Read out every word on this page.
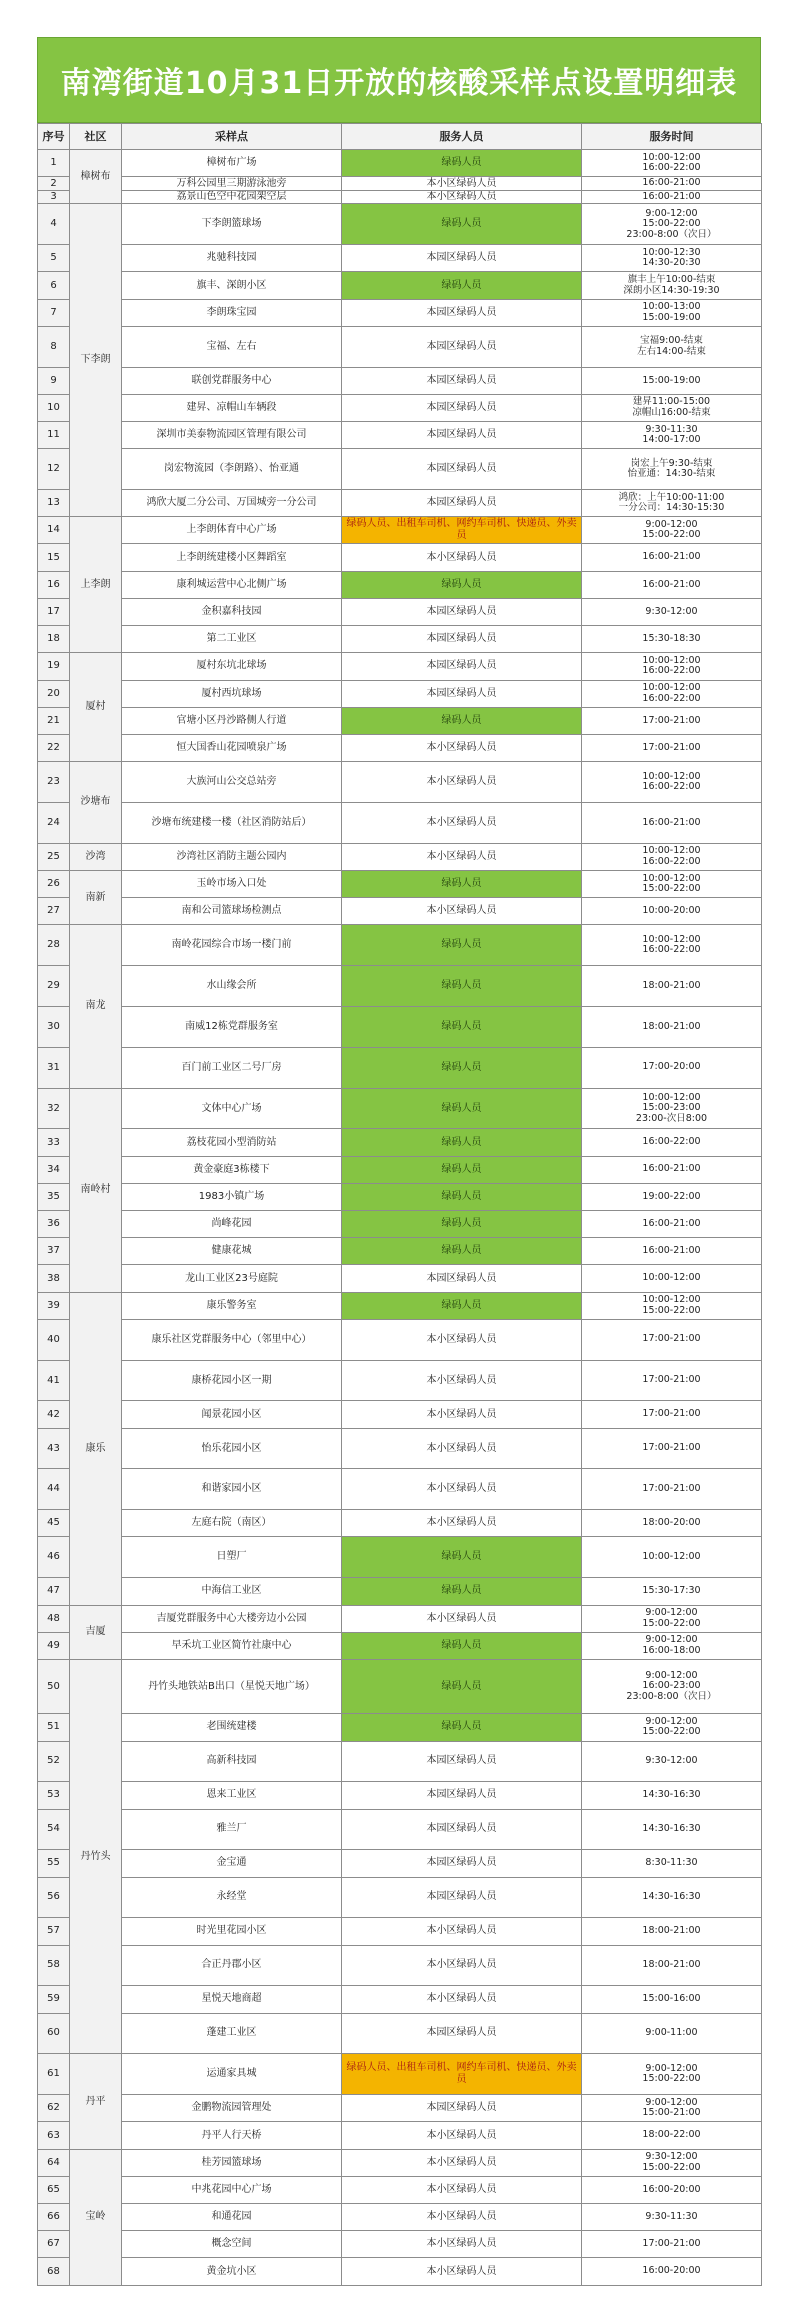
南湾街道10月31日开放的核酸采样点设置明细表
序号	社区	采样点	服务人员	服务时间
1	樟树布	樟树布广场	绿码人员	10:00-12:00
16:00-22:00
2		万科公园里三期游泳池旁	本小区绿码人员	16:00-21:00
3		荔景山色空中花园架空层	本小区绿码人员	16:00-21:00
4	下李朗	下李朗篮球场	绿码人员	9:00-12:00
15:00-22:00
23:00-8:00（次日）
5		兆驰科技园	本园区绿码人员	10:00-12:30
14:30-20:30
6		旗丰、深朗小区	绿码人员	旗丰上午10:00-结束
深朗小区14:30-19:30
7		李朗珠宝园	本园区绿码人员	10:00-13:00
15:00-19:00
8		宝福、左右	本园区绿码人员	宝福9:00-结束
左右14:00-结束
9		联创党群服务中心	本园区绿码人员	15:00-19:00
10		建昇、凉帽山车辆段	本园区绿码人员	建昇11:00-15:00
凉帽山16:00-结束
11		深圳市美泰物流园区管理有限公司	本园区绿码人员	9:30-11:30
14:00-17:00
12		岗宏物流园（李朗路）、怡亚通	本园区绿码人员	岗宏上午9:30-结束
怡亚通：14:30-结束
13		鸿欣大厦二分公司、万国城旁一分公司	本园区绿码人员	鸿欣：上午10:00-11:00
一分公司：14:30-15:30
14	上李朗	上李朗体育中心广场	绿码人员、出租车司机、网约车司机、快递员、外卖员	9:00-12:00
15:00-22:00
15		上李朗统建楼小区舞蹈室	本小区绿码人员	16:00-21:00
16		康利城运营中心北侧广场	绿码人员	16:00-21:00
17		金积嘉科技园	本园区绿码人员	9:30-12:00
18		第二工业区	本园区绿码人员	15:30-18:30
19	厦村	厦村东坑北球场	本园区绿码人员	10:00-12:00
16:00-22:00
20		厦村西坑球场	本园区绿码人员	10:00-12:00
16:00-22:00
21		官塘小区丹沙路侧人行道	绿码人员	17:00-21:00
22		恒大国香山花园喷泉广场	本小区绿码人员	17:00-21:00
23	沙塘布	大族河山公交总站旁	本小区绿码人员	10:00-12:00
16:00-22:00
24		沙塘布统建楼一楼（社区消防站后）	本小区绿码人员	16:00-21:00
25	沙湾	沙湾社区消防主题公园内	本小区绿码人员	10:00-12:00
16:00-22:00
26	南新	玉岭市场入口处	绿码人员	10:00-12:00
15:00-22:00
27		南和公司篮球场检测点	本小区绿码人员	10:00-20:00
28	南龙	南岭花园综合市场一楼门前	绿码人员	10:00-12:00
16:00-22:00
29		水山缘会所	绿码人员	18:00-21:00
30		南威12栋党群服务室	绿码人员	18:00-21:00
31		百门前工业区二号厂房	绿码人员	17:00-20:00
32	南岭村	文体中心广场	绿码人员	10:00-12:00
15:00-23:00
23:00-次日8:00
33		荔枝花园小型消防站	绿码人员	16:00-22:00
34		黄金豪庭3栋楼下	绿码人员	16:00-21:00
35		1983小镇广场	绿码人员	19:00-22:00
36		尚峰花园	绿码人员	16:00-21:00
37		健康花城	绿码人员	16:00-21:00
38		龙山工业区23号庭院	本园区绿码人员	10:00-12:00
39	康乐	康乐警务室	绿码人员	10:00-12:00
15:00-22:00
40		康乐社区党群服务中心（邻里中心）	本小区绿码人员	17:00-21:00
41		康桥花园小区一期	本小区绿码人员	17:00-21:00
42		闻景花园小区	本小区绿码人员	17:00-21:00
43		怡乐花园小区	本小区绿码人员	17:00-21:00
44		和谐家园小区	本小区绿码人员	17:00-21:00
45		左庭右院（南区）	本小区绿码人员	18:00-20:00
46		日塑厂	绿码人员	10:00-12:00
47		中海信工业区	绿码人员	15:30-17:30
48	吉厦	吉厦党群服务中心大楼旁边小公园	本小区绿码人员	9:00-12:00
15:00-22:00
49		早禾坑工业区简竹社康中心	绿码人员	9:00-12:00
16:00-18:00
50	丹竹头	丹竹头地铁站B出口（星悦天地广场）	绿码人员	9:00-12:00
16:00-23:00
23:00-8:00（次日）
51		老围统建楼	绿码人员	9:00-12:00
15:00-22:00
52		高新科技园	本园区绿码人员	9:30-12:00
53		恩来工业区	本园区绿码人员	14:30-16:30
54		雅兰厂	本园区绿码人员	14:30-16:30
55		金宝通	本园区绿码人员	8:30-11:30
56		永经堂	本园区绿码人员	14:30-16:30
57		时光里花园小区	本小区绿码人员	18:00-21:00
58		合正丹郡小区	本小区绿码人员	18:00-21:00
59		星悦天地商超	本小区绿码人员	15:00-16:00
60		蓬建工业区	本园区绿码人员	9:00-11:00
61	丹平	运通家具城	绿码人员、出租车司机、网约车司机、快递员、外卖员	9:00-12:00
15:00-22:00
62		金鹏物流园管理处	本园区绿码人员	9:00-12:00
15:00-21:00
63		丹平人行天桥	本小区绿码人员	18:00-22:00
64	宝岭	桂芳园篮球场	本小区绿码人员	9:30-12:00
15:00-22:00
65		中兆花园中心广场	本小区绿码人员	16:00-20:00
66		和通花园	本小区绿码人员	9:30-11:30
67		概念空间	本小区绿码人员	17:00-21:00
68		黄金坑小区	本小区绿码人员	16:00-20:00
